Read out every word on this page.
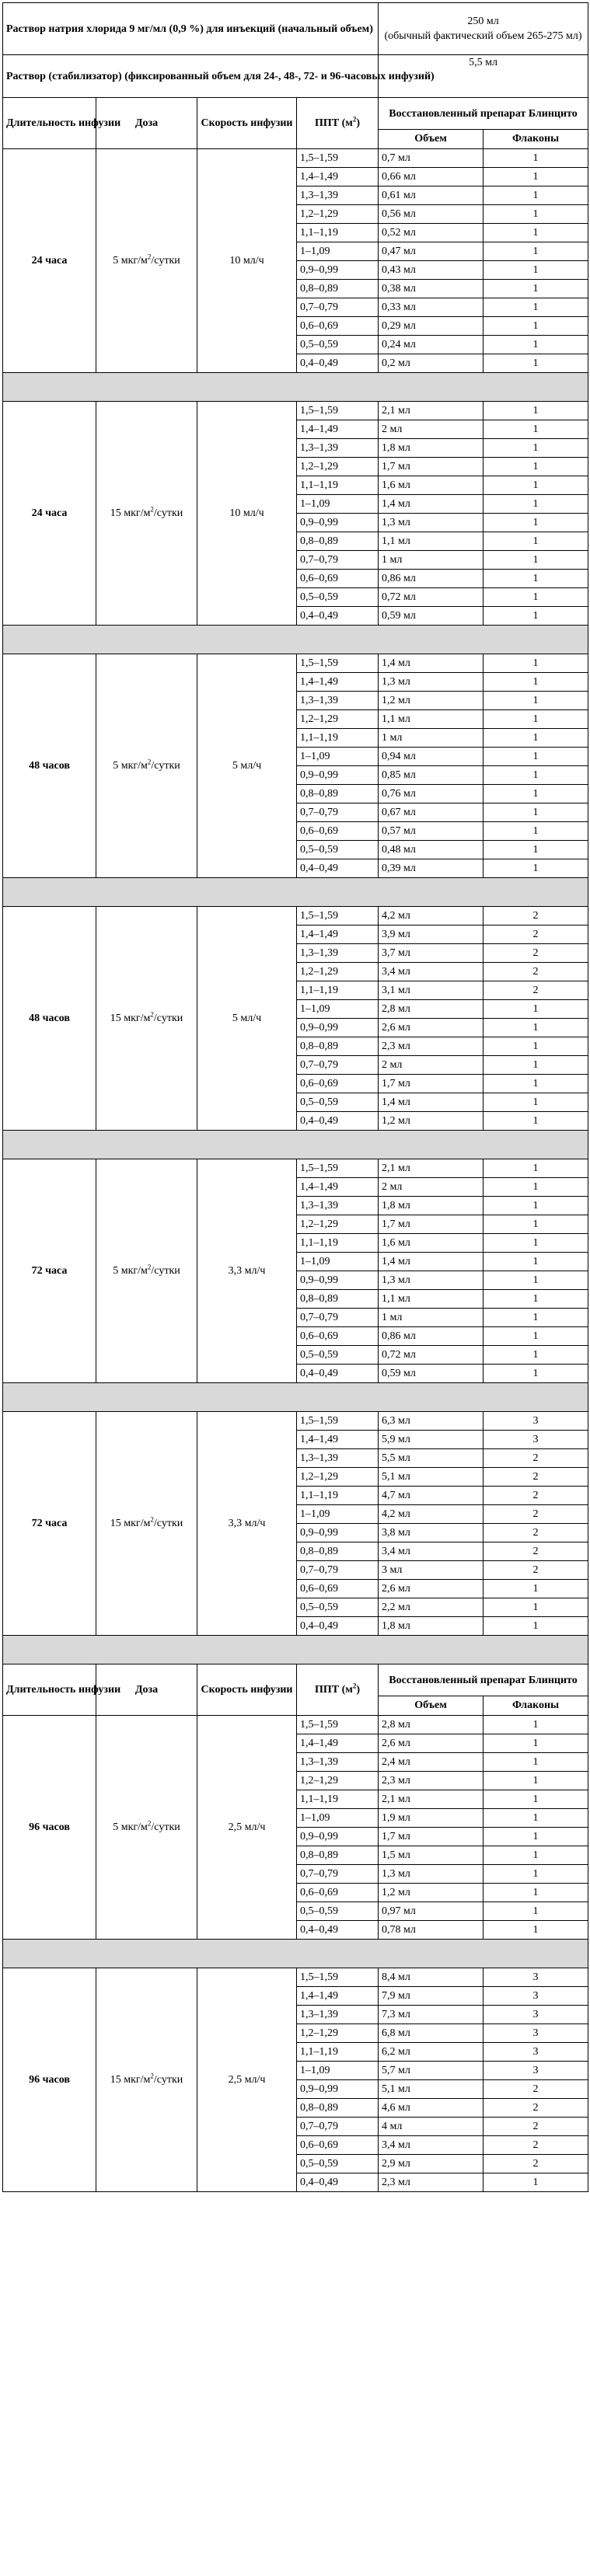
Раствор натрия хлорида 9 мг/мл (0,9 %) для инъекций (начальный объем)				250 мл
(обычный фактический объем 265-275 мл)	
Раствор (стабилизатор) (фиксированный объем для 24-, 48-, 72- и 96-часовых инфузий)				5,5 мл	
Длительность инфузии	Доза	Скорость инфузии	ППТ $(м^2)$	Восстановленный препарат Блинцито	
				Объем	Флаконы
24 часа	5 мкг/$м^2$/сутки	10 мл/ч	1,5–1,59	0,7 мл	1
			1,4–1,49	0,66 мл	1
			1,3–1,39	0,61 мл	1
			1,2–1,29	0,56 мл	1
			1,1–1,19	0,52 мл	1
			1–1,09	0,47 мл	1
			0,9–0,99	0,43 мл	1
			0,8–0,89	0,38 мл	1
			0,7–0,79	0,33 мл	1
			0,6–0,69	0,29 мл	1
			0,5–0,59	0,24 мл	1
			0,4–0,49	0,2 мл	1

24 часа	15 мкг/$м^2$/сутки	10 мл/ч	1,5–1,59	2,1 мл	1
			1,4–1,49	2 мл	1
			1,3–1,39	1,8 мл	1
			1,2–1,29	1,7 мл	1
			1,1–1,19	1,6 мл	1
			1–1,09	1,4 мл	1
			0,9–0,99	1,3 мл	1
			0,8–0,89	1,1 мл	1
			0,7–0,79	1 мл	1
			0,6–0,69	0,86 мл	1
			0,5–0,59	0,72 мл	1
			0,4–0,49	0,59 мл	1

48 часов	5 мкг/$м^2$/сутки	5 мл/ч	1,5–1,59	1,4 мл	1
			1,4–1,49	1,3 мл	1
			1,3–1,39	1,2 мл	1
			1,2–1,29	1,1 мл	1
			1,1–1,19	1 мл	1
			1–1,09	0,94 мл	1
			0,9–0,99	0,85 мл	1
			0,8–0,89	0,76 мл	1
			0,7–0,79	0,67 мл	1
			0,6–0,69	0,57 мл	1
			0,5–0,59	0,48 мл	1
			0,4–0,49	0,39 мл	1

48 часов	15 мкг/$м^2$/сутки	5 мл/ч	1,5–1,59	4,2 мл	2
			1,4–1,49	3,9 мл	2
			1,3–1,39	3,7 мл	2
			1,2–1,29	3,4 мл	2
			1,1–1,19	3,1 мл	2
			1–1,09	2,8 мл	1
			0,9–0,99	2,6 мл	1
			0,8–0,89	2,3 мл	1
			0,7–0,79	2 мл	1
			0,6–0,69	1,7 мл	1
			0,5–0,59	1,4 мл	1
			0,4–0,49	1,2 мл	1

72 часа	5 мкг/$м^2$/сутки	3,3 мл/ч	1,5–1,59	2,1 мл	1
			1,4–1,49	2 мл	1
			1,3–1,39	1,8 мл	1
			1,2–1,29	1,7 мл	1
			1,1–1,19	1,6 мл	1
			1–1,09	1,4 мл	1
			0,9–0,99	1,3 мл	1
			0,8–0,89	1,1 мл	1
			0,7–0,79	1 мл	1
			0,6–0,69	0,86 мл	1
			0,5–0,59	0,72 мл	1
			0,4–0,49	0,59 мл	1

72 часа	15 мкг/$м^2$/сутки	3,3 мл/ч	1,5–1,59	6,3 мл	3
			1,4–1,49	5,9 мл	3
			1,3–1,39	5,5 мл	2
			1,2–1,29	5,1 мл	2
			1,1–1,19	4,7 мл	2
			1–1,09	4,2 мл	2
			0,9–0,99	3,8 мл	2
			0,8–0,89	3,4 мл	2
			0,7–0,79	3 мл	2
			0,6–0,69	2,6 мл	1
			0,5–0,59	2,2 мл	1
			0,4–0,49	1,8 мл	1

Длительность инфузии	Доза	Скорость инфузии	ППТ $(м^2)$	Восстановленный препарат Блинцито	
				Объем	Флаконы
96 часов	5 мкг/$м^2$/сутки	2,5 мл/ч	1,5–1,59	2,8 мл	1
			1,4–1,49	2,6 мл	1
			1,3–1,39	2,4 мл	1
			1,2–1,29	2,3 мл	1
			1,1–1,19	2,1 мл	1
			1–1,09	1,9 мл	1
			0,9–0,99	1,7 мл	1
			0,8–0,89	1,5 мл	1
			0,7–0,79	1,3 мл	1
			0,6–0,69	1,2 мл	1
			0,5–0,59	0,97 мл	1
			0,4–0,49	0,78 мл	1

96 часов	15 мкг/$м^2$/сутки	2,5 мл/ч	1,5–1,59	8,4 мл	3
			1,4–1,49	7,9 мл	3
			1,3–1,39	7,3 мл	3
			1,2–1,29	6,8 мл	3
			1,1–1,19	6,2 мл	3
			1–1,09	5,7 мл	3
			0,9–0,99	5,1 мл	2
			0,8–0,89	4,6 мл	2
			0,7–0,79	4 мл	2
			0,6–0,69	3,4 мл	2
			0,5–0,59	2,9 мл	2
			0,4–0,49	2,3 мл	1
